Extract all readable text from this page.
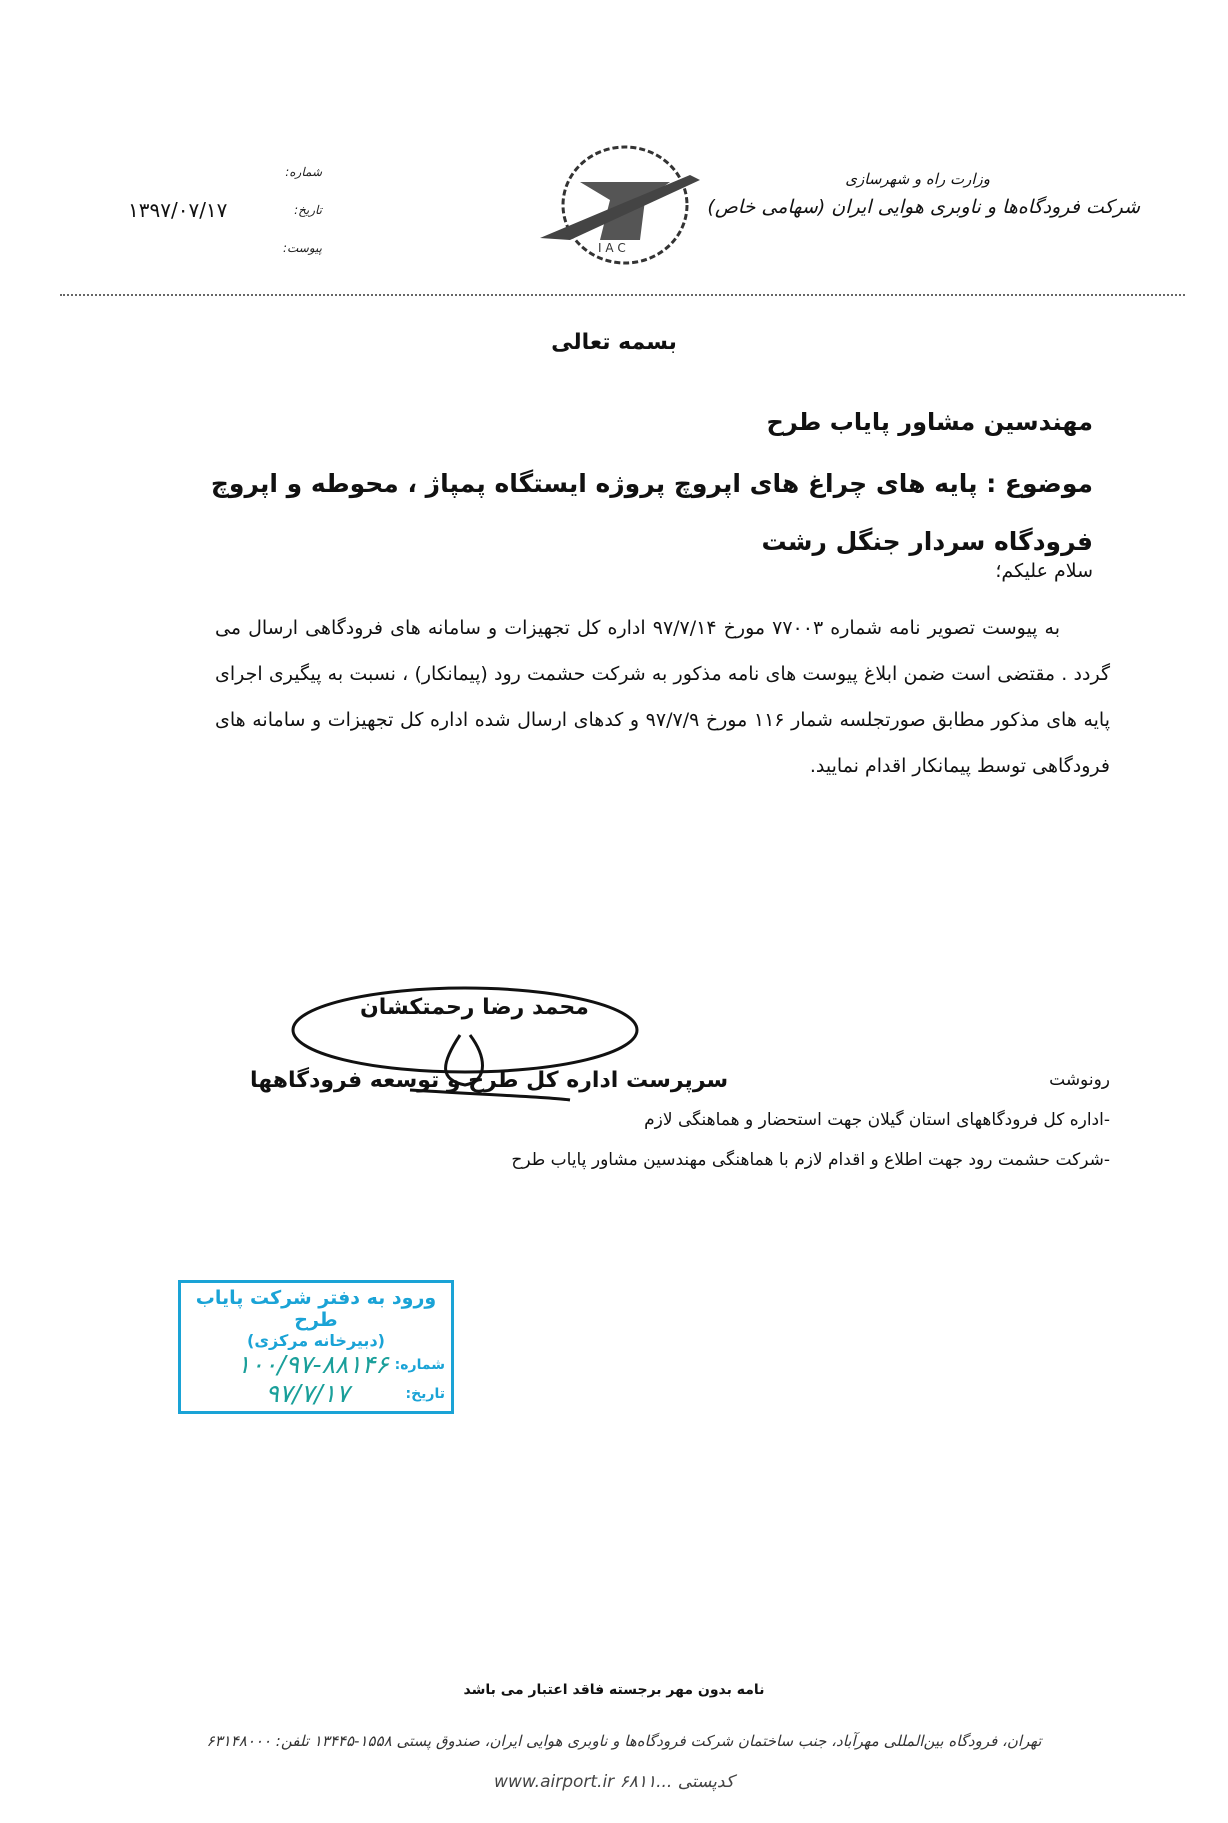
وزارت راه و شهرسازی
شرکت فرودگاه‌ها و ناوبری هوایی ایران (سهامی خاص)
I A C
شماره:
تاریخ:
پیوست:
۱۳۹۷/۰۷/۱۷
بسمه تعالی
مهندسین مشاور پایاب طرح
موضوع : پایه های چراغ های اپروچ پروژه ایستگاه پمپاژ ، محوطه و اپروچ فرودگاه سردار جنگل رشت
سلام علیکم؛
به پیوست تصویر نامه شماره ۷۷۰۰۳ مورخ ۹۷/۷/۱۴ اداره کل تجهیزات و سامانه های فرودگاهی ارسال می گردد . مقتضی است ضمن ابلاغ پیوست های نامه مذکور به شرکت حشمت رود (پیمانکار) ، نسبت به پیگیری اجرای پایه های مذکور مطابق صورتجلسه شمار ۱۱۶ مورخ ۹۷/۷/۹ و کدهای ارسال شده اداره کل تجهیزات و سامانه های فرودگاهی توسط پیمانکار اقدام نمایید.
محمد رضا رحمتکشان
سرپرست اداره کل طرح و توسعه فرودگاهها	رونوشت
-اداره کل فرودگاههای استان گیلان جهت استحضار و هماهنگی لازم
-شرکت حشمت رود جهت اطلاع و اقدام لازم با هماهنگی مهندسین مشاور پایاب طرح
ورود به دفتر شرکت پایاب طرح
(دبیرخانه مرکزی)
شماره:
۱۰۰/۹۷-۸۸۱۴۶
تاریخ:
۹۷/۷/۱۷
نامه بدون مهر برجسته فاقد اعتبار می باشد
تهران، فرودگاه بین‌المللی مهرآباد، جنب ساختمان شرکت فرودگاه‌ها و ناوبری هوایی ایران، صندوق پستی ۱۵۵۸-۱۳۴۴۵ تلفن: ۶۳۱۴۸۰۰۰
www.airport.ir ۶۸۱۱... کدپستی
